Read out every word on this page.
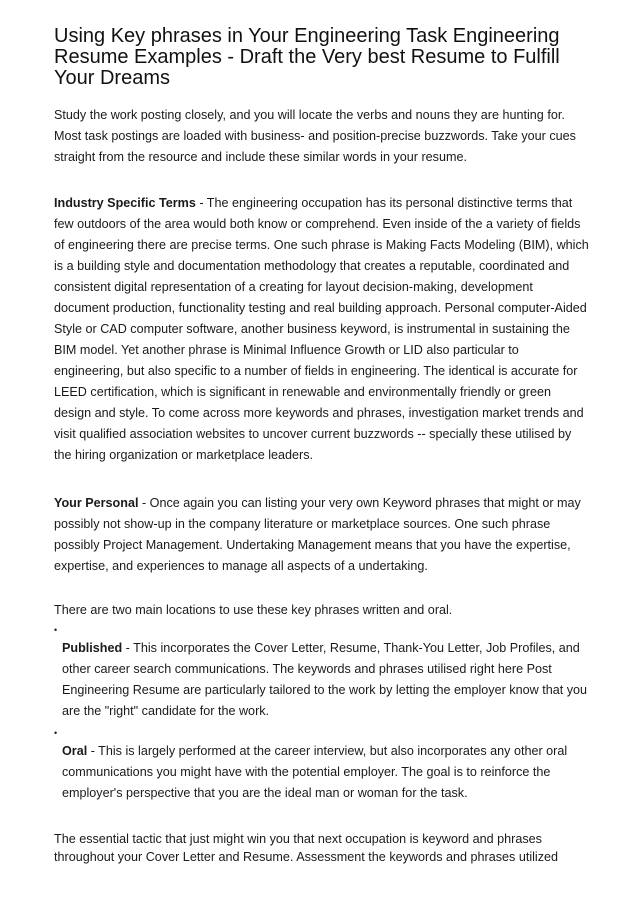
Using Key phrases in Your Engineering Task Engineering Resume Examples - Draft the Very best Resume to Fulfill Your Dreams

Study the work posting closely, and you will locate the verbs and nouns they are hunting for. Most task postings are loaded with business- and position-precise buzzwords. Take your cues straight from the resource and include these similar words in your resume.

Industry Specific Terms - The engineering occupation has its personal distinctive terms that few outdoors of the area would both know or comprehend. Even inside of the a variety of fields of engineering there are precise terms. One such phrase is Making Facts Modeling (BIM), which is a building style and documentation methodology that creates a reputable, coordinated and consistent digital representation of a creating for layout decision-making, development document production, functionality testing and real building approach. Personal computer-Aided Style or CAD computer software, another business keyword, is instrumental in sustaining the BIM model. Yet another phrase is Minimal Influence Growth or LID also particular to engineering, but also specific to a number of fields in engineering. The identical is accurate for LEED certification, which is significant in renewable and environmentally friendly or green design and style. To come across more keywords and phrases, investigation market trends and visit qualified association websites to uncover current buzzwords -- specially these utilised by the hiring organization or marketplace leaders.

Your Personal - Once again you can listing your very own Keyword phrases that might or may possibly not show-up in the company literature or marketplace sources. One such phrase possibly Project Management. Undertaking Management means that you have the expertise, expertise, and experiences to manage all aspects of a undertaking.

There are two main locations to use these key phrases written and oral.

•
Published - This incorporates the Cover Letter, Resume, Thank-You Letter, Job Profiles, and other career search communications. The keywords and phrases utilised right here Post Engineering Resume are particularly tailored to the work by letting the employer know that you are the "right" candidate for the work.
•
Oral - This is largely performed at the career interview, but also incorporates any other oral communications you might have with the potential employer. The goal is to reinforce the employer's perspective that you are the ideal man or woman for the task.

The essential tactic that just might win you that next occupation is keyword and phrases throughout your Cover Letter and Resume. Assessment the keywords and phrases utilized
